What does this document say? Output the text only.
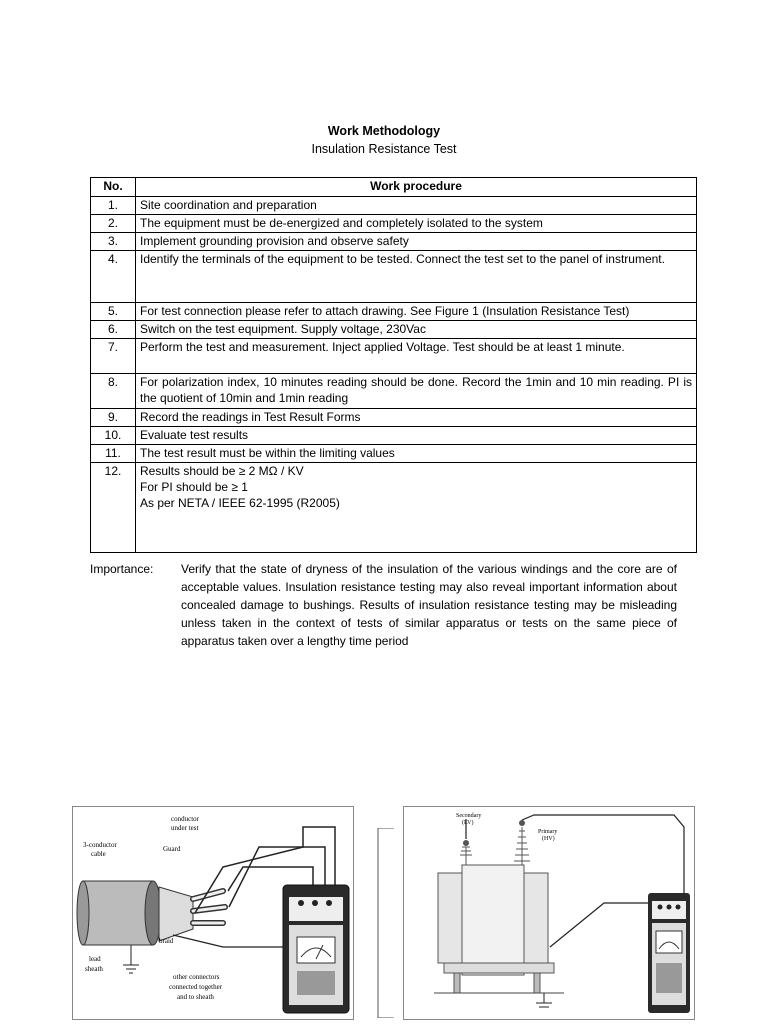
Work Methodology
Insulation Resistance Test
No.	Work procedure
1.	Site coordination and preparation

2.	The equipment must be de-energized and completely isolated to the system

3.	Implement grounding provision and observe safety

4.	Identify the terminals of the equipment to be tested. Connect the test set to the panel of instrument.

5.	For test connection please refer to attach drawing. See Figure 1 (Insulation Resistance Test)

6.	Switch on the test equipment. Supply voltage, 230Vac

7.	Perform the test and measurement. Inject applied Voltage. Test should be at least 1 minute.

8.	For polarization index, 10 minutes reading should be done. Record the 1min and 10 min reading. PI is the quotient of 10min and 1min reading

9.	Record the readings in Test Result Forms

10.	Evaluate test results

11.	The test result must be within the limiting values

12.	Results should be ≥ 2 MΩ / KV
For PI should be ≥ 1
As per NETA / IEEE 62-1995 (R2005)
Importance: Verify that the state of dryness of the insulation of the various windings and the core are of acceptable values. Insulation resistance testing may also reveal important information about concealed damage to bushings. Results of insulation resistance testing may be misleading unless taken in the context of tests of similar apparatus or tests on the same piece of apparatus taken over a lengthy time period
conductor
under test
3-conductor
cable
Guard
braid
lead
sheath
other connectors
connected together
and to sheath
Secondary
(LV)
Primary
(HV)
